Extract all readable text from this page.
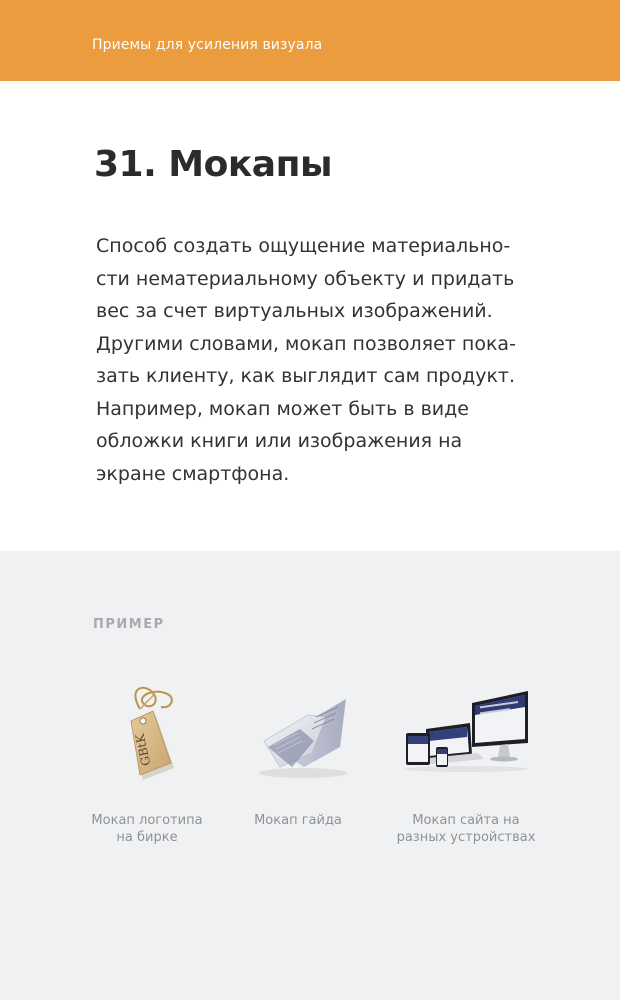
Приемы для усиления визуала
31. Мокапы

Способ создать ощущение материально-
сти нематериальному объекту и придать
вес за счет виртуальных изображений.
Другими словами, мокап позволяет пока-
зать клиенту, как выглядит сам продукт.
Например, мокап может быть в виде
обложки книги или изображения на
экране смартфона.

ПРИМЕР
GBtK
Мокап логотипа
на бирке
Мокап гайда	Мокап сайта на
разных устройствах
